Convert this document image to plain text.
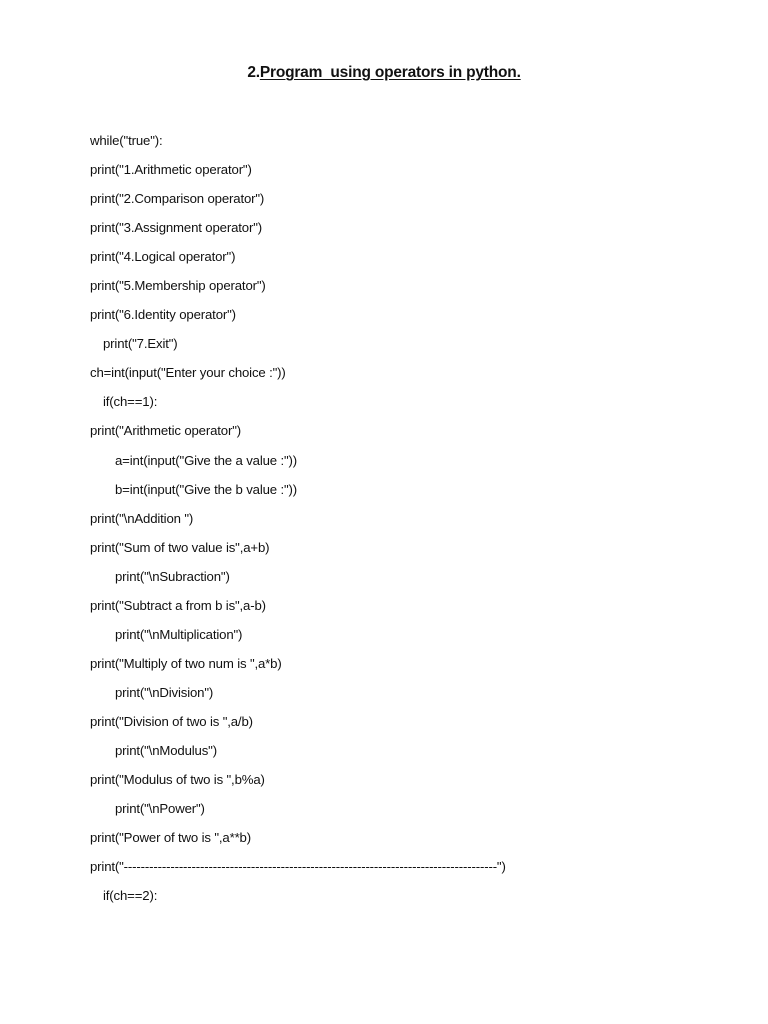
2.Program  using operators in python.
while("true"):
print("1.Arithmetic operator")
print("2.Comparison operator")
print("3.Assignment operator")
print("4.Logical operator")
print("5.Membership operator")
print("6.Identity operator")
print("7.Exit")
ch=int(input("Enter your choice :"))
if(ch==1):
print("Arithmetic operator")
a=int(input("Give the a value :"))
b=int(input("Give the b value :"))
print("\nAddition ")
print("Sum of two value is",a+b)
print("\nSubraction")
print("Subtract a from b is",a-b)
print("\nMultiplication")
print("Multiply of two num is ",a*b)
print("\nDivision")
print("Division of two is ",a/b)
print("\nModulus")
print("Modulus of two is ",b%a)
print("\nPower")
print("Power of two is ",a**b)
print("----------------------------------------------------------------------------------------")
if(ch==2):
